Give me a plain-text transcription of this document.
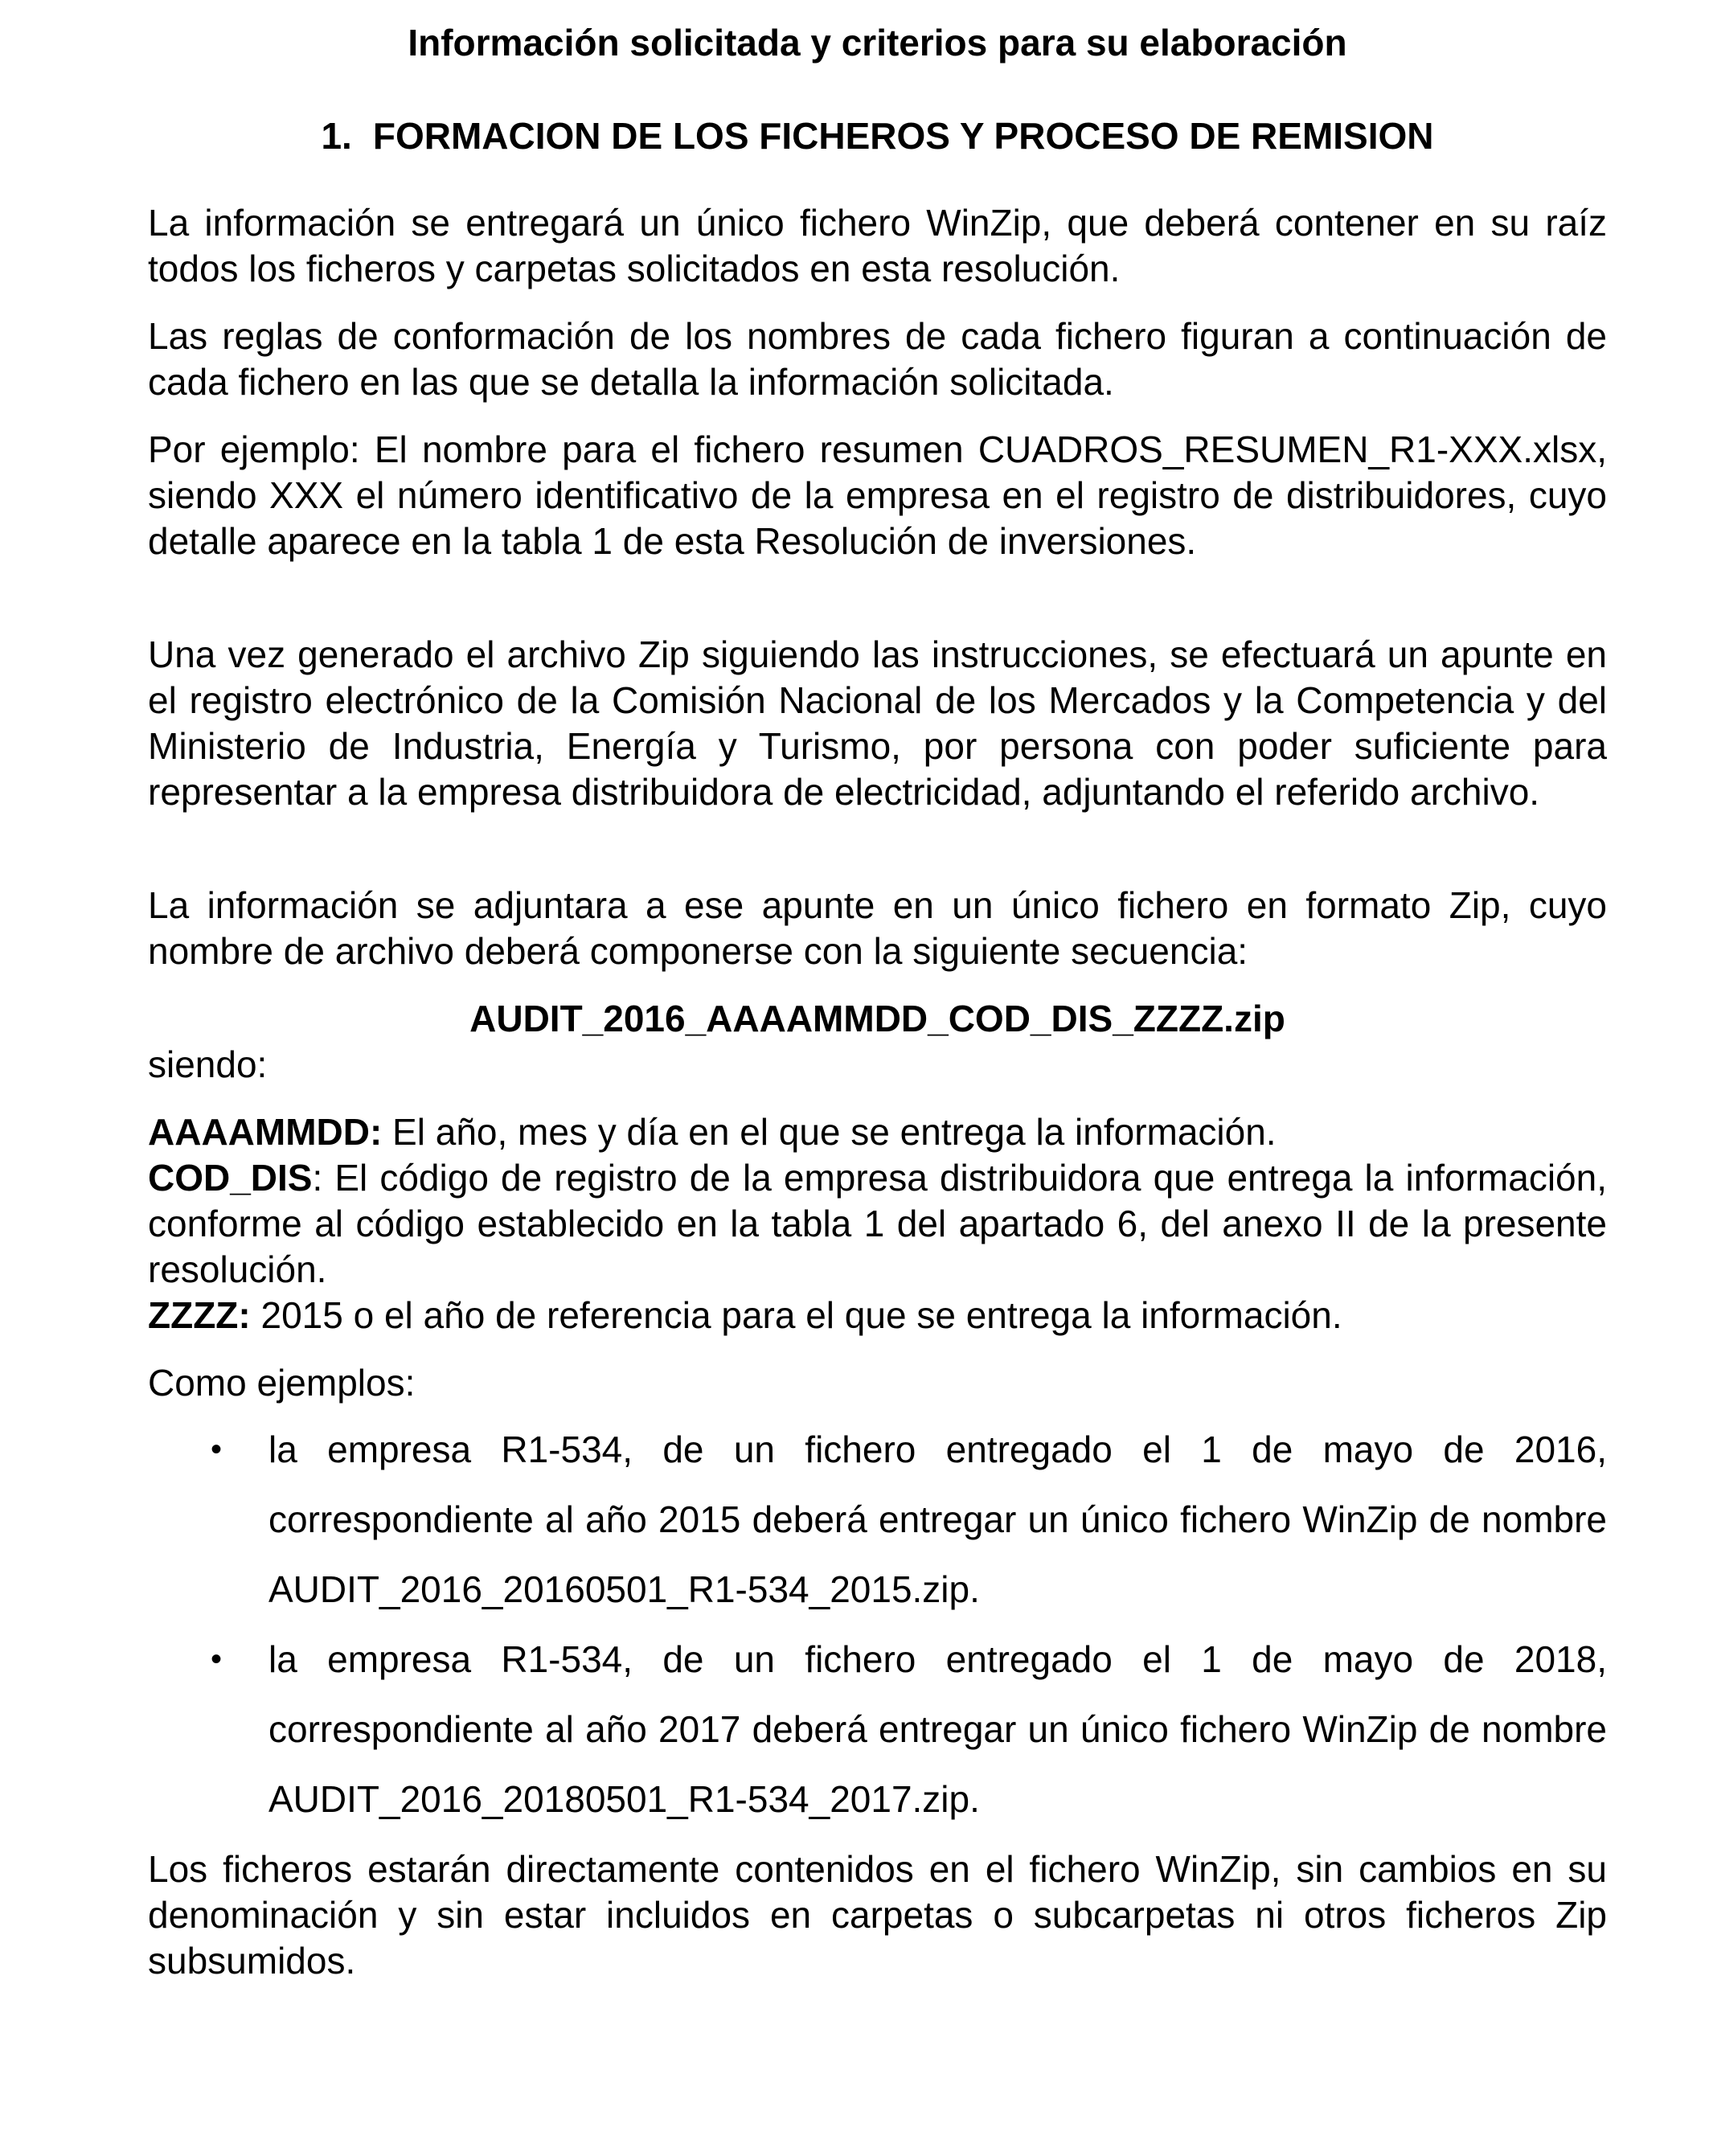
Información solicitada y criterios para su elaboración
1. FORMACION DE LOS FICHEROS Y PROCESO DE REMISION

La información se entregará un único fichero WinZip, que deberá contener en su raíz todos los ficheros y carpetas solicitados en esta resolución.

Las reglas de conformación de los nombres de cada fichero figuran a continuación de cada fichero en las que se detalla la información solicitada.

Por ejemplo: El nombre para el fichero resumen CUADROS_RESUMEN_R1-XXX.xlsx, siendo XXX el número identificativo de la empresa en el registro de distribuidores, cuyo detalle aparece en la tabla 1 de esta Resolución de inversiones.

Una vez generado el archivo Zip siguiendo las instrucciones, se efectuará un apunte en el registro electrónico de la Comisión Nacional de los Mercados y la Competencia y del Ministerio de Industria, Energía y Turismo, por persona con poder suficiente para representar a la empresa distribuidora de electricidad, adjuntando el referido archivo.

La información se adjuntara a ese apunte en un único fichero en formato Zip, cuyo nombre de archivo deberá componerse con la siguiente secuencia:

AUDIT_2016_AAAAMMDD_COD_DIS_ZZZZ.zip

siendo:

AAAAMMDD: El año, mes y día en el que se entrega la información.
COD_DIS: El código de registro de la empresa distribuidora que entrega la información, conforme al código establecido en la tabla 1 del apartado 6, del anexo II de la presente resolución.
ZZZZ: 2015 o el año de referencia para el que se entrega la información.

Como ejemplos:

• la empresa R1-534, de un fichero entregado el 1 de mayo de 2016, correspondiente al año 2015 deberá entregar un único fichero WinZip de nombre AUDIT_2016_20160501_R1-534_2015.zip.
• la empresa R1-534, de un fichero entregado el 1 de mayo de 2018, correspondiente al año 2017 deberá entregar un único fichero WinZip de nombre AUDIT_2016_20180501_R1-534_2017.zip.

Los ficheros estarán directamente contenidos en el fichero WinZip, sin cambios en su denominación y sin estar incluidos en carpetas o subcarpetas ni otros ficheros Zip subsumidos.
